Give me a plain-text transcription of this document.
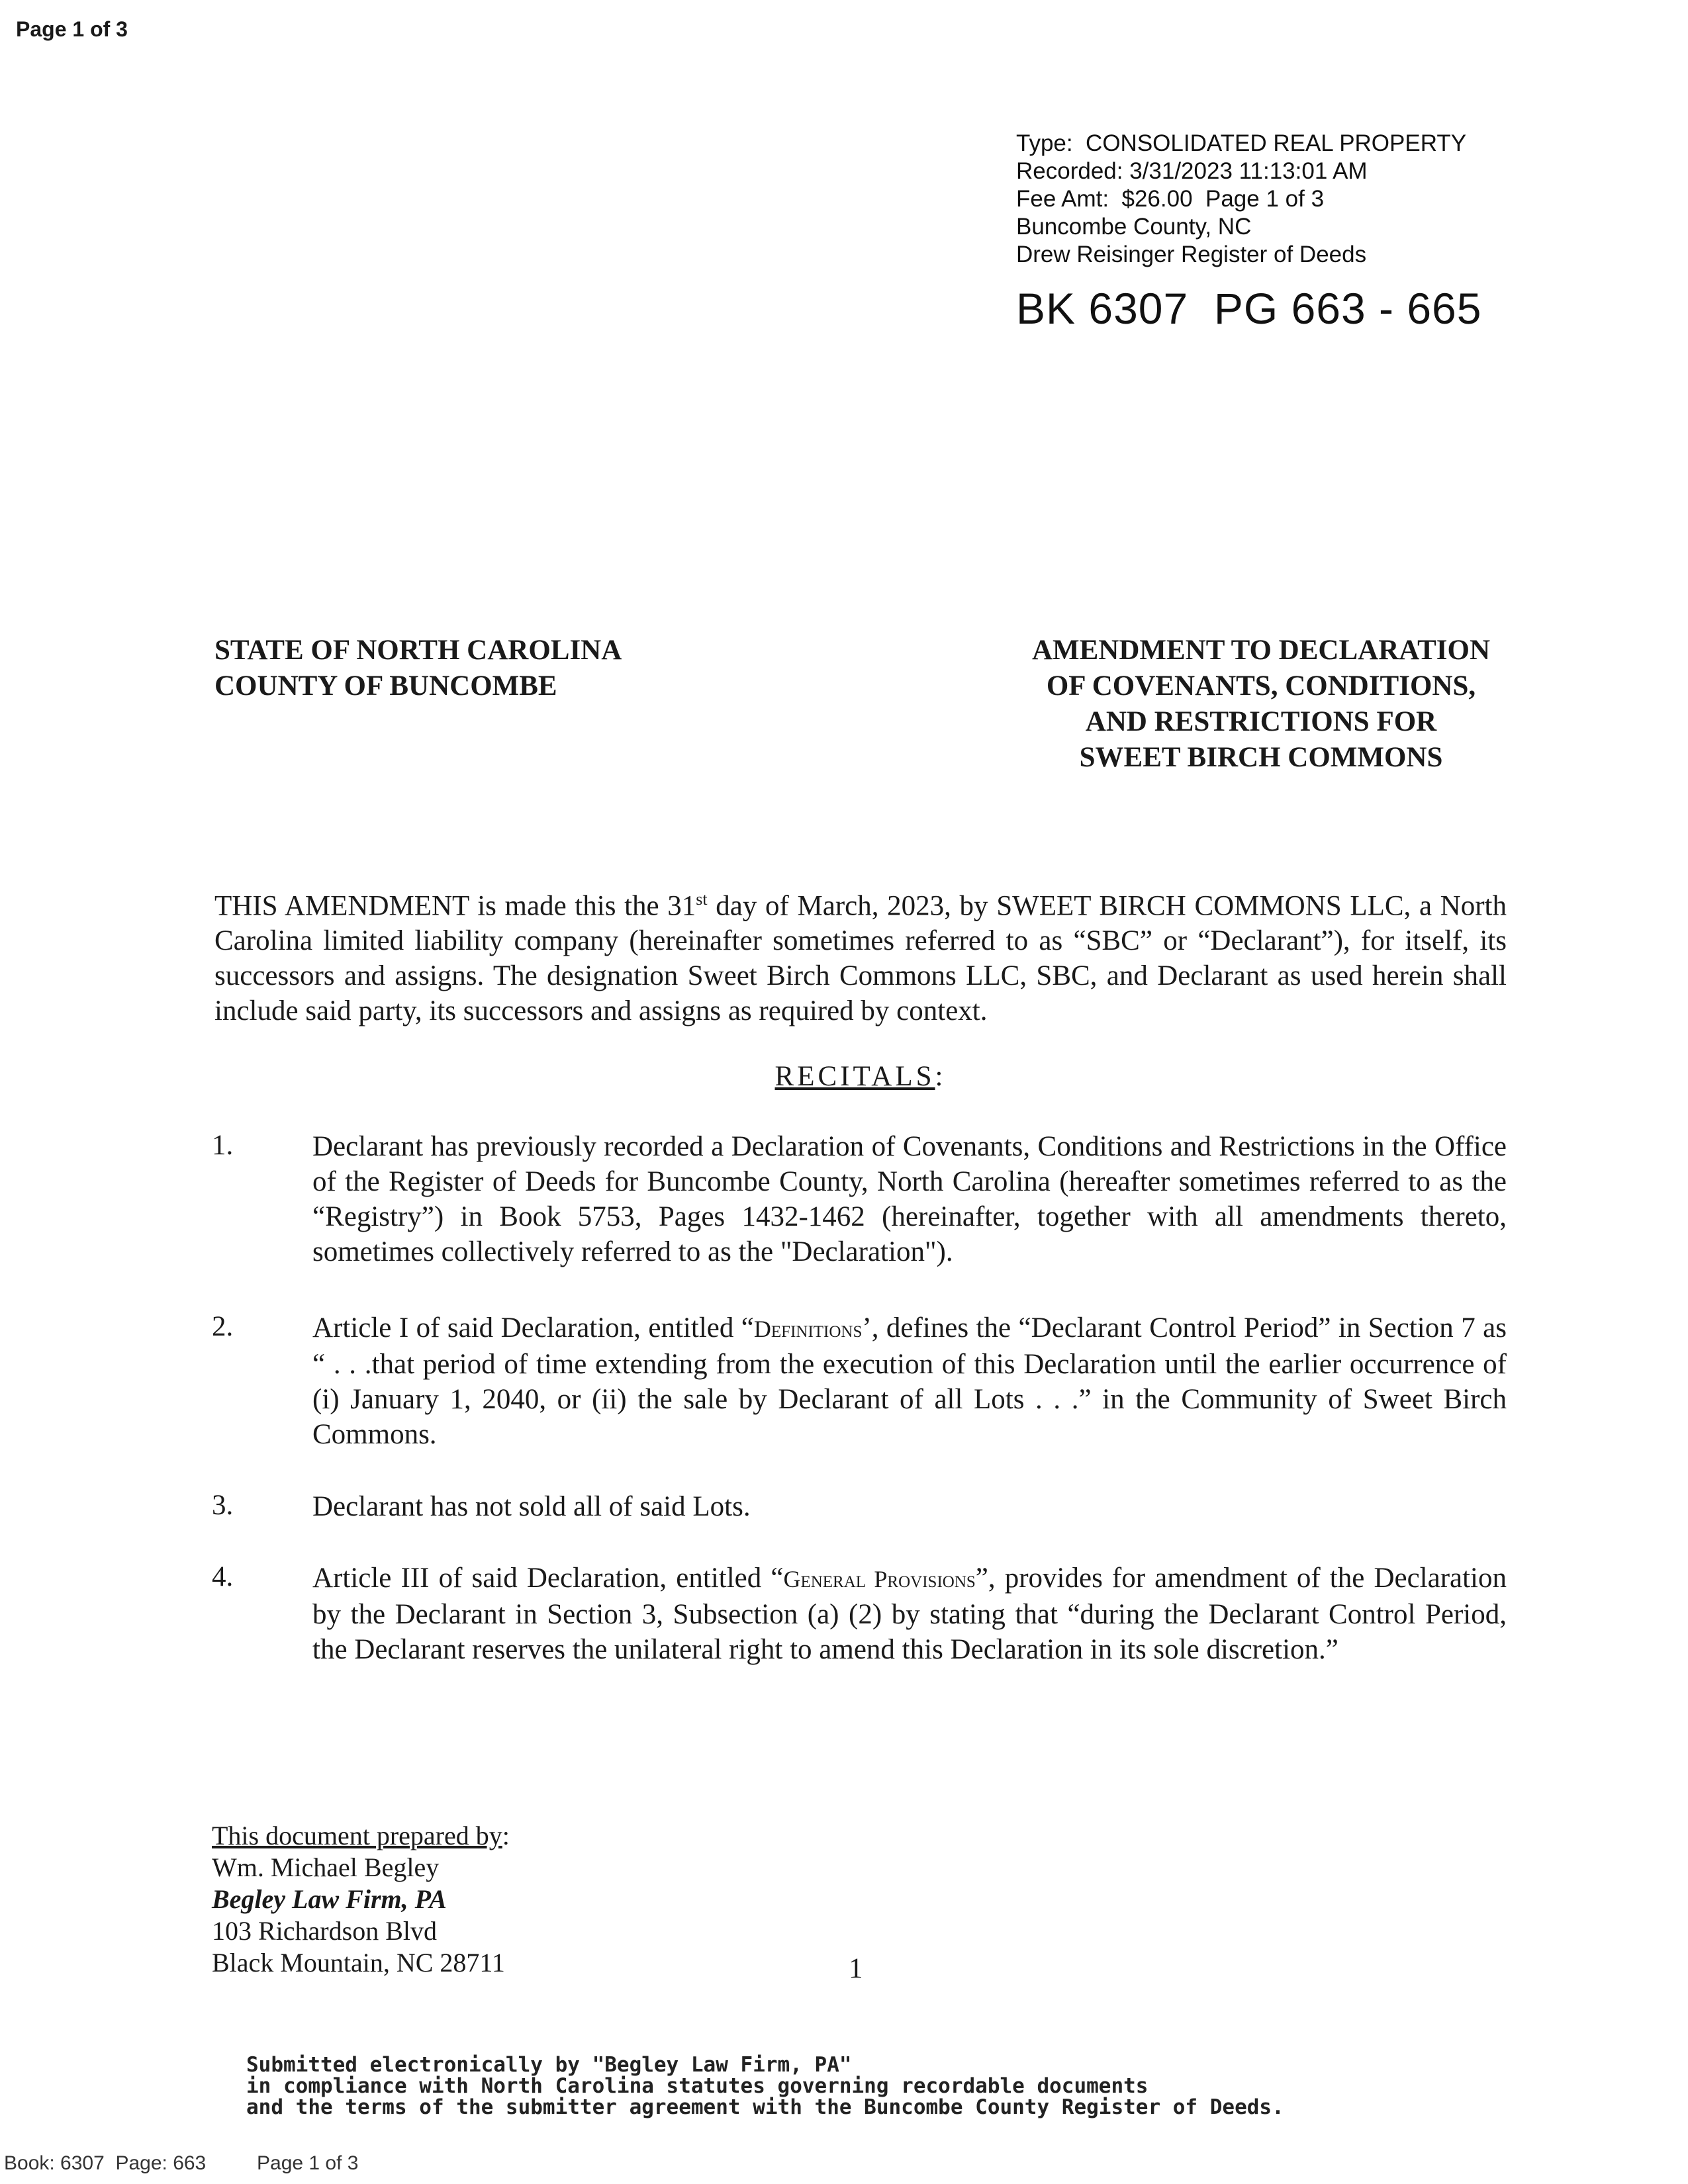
Page 1 of 3
Type:  CONSOLIDATED REAL PROPERTY
Recorded: 3/31/2023 11:13:01 AM
Fee Amt:  $26.00  Page 1 of 3
Buncombe County, NC
Drew Reisinger Register of Deeds
BK 6307  PG 663 - 665
STATE OF NORTH CAROLINA
COUNTY OF BUNCOMBE
AMENDMENT TO DECLARATION
OF COVENANTS, CONDITIONS,
AND RESTRICTIONS FOR
SWEET BIRCH COMMONS
THIS AMENDMENT is made this the 31st day of March, 2023, by SWEET BIRCH COMMONS LLC, a North Carolina limited liability company (hereinafter sometimes referred to as “SBC” or “Declarant”), for itself, its successors and assigns. The designation Sweet Birch Commons LLC, SBC, and Declarant as used herein shall include said party, its successors and assigns as required by context.
RECITALS:
1.	Declarant has previously recorded a Declaration of Covenants, Conditions and Restrictions in the Office of the Register of Deeds for Buncombe County, North Carolina (hereafter sometimes referred to as the “Registry”) in Book 5753, Pages 1432-1462 (hereinafter, together with all amendments thereto, sometimes collectively referred to as the "Declaration").
2.	Article I of said Declaration, entitled “Definitions’, defines the “Declarant Control Period” in Section 7 as “ . . .that period of time extending from the execution of this Declaration until the earlier occurrence of (i) January 1, 2040, or (ii) the sale by Declarant of all Lots . . .” in the Community of Sweet Birch Commons.
3.	Declarant has not sold all of said Lots.
4.	Article III of said Declaration, entitled “General Provisions”, provides for amendment of the Declaration by the Declarant in Section 3, Subsection (a) (2) by stating that “during the Declarant Control Period, the Declarant reserves the unilateral right to amend this Declaration in its sole discretion.”
This document prepared by:
Wm. Michael Begley
Begley Law Firm, PA
103 Richardson Blvd
Black Mountain, NC 28711	1
Submitted electronically by "Begley Law Firm, PA"
in compliance with North Carolina statutes governing recordable documents
and the terms of the submitter agreement with the Buncombe County Register of Deeds.
Book: 6307  Page: 663	Page 1 of 3
